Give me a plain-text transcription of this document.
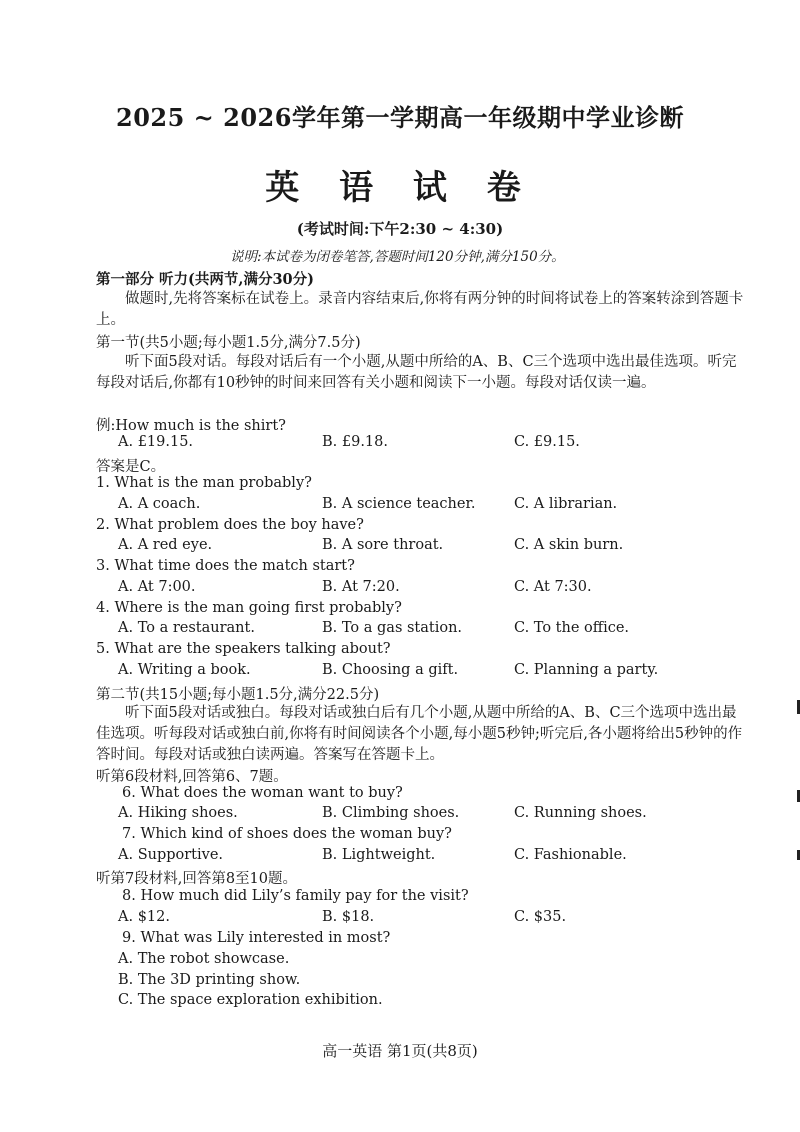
2025 ~ 2026学年第一学期高一年级期中学业诊断
英 语 试 卷
(考试时间:下午2:30 ~ 4:30)
说明:本试卷为闭卷笔答,答题时间120分钟,满分150分。
第一部分 听力(共两节,满分30分)
做题时,先将答案标在试卷上。录音内容结束后,你将有两分钟的时间将试卷上的答案转涂到答题卡上。
第一节(共5小题;每小题1.5分,满分7.5分)
听下面5段对话。每段对话后有一个小题,从题中所给的A、B、C三个选项中选出最佳选项。听完每段对话后,你都有10秒钟的时间来回答有关小题和阅读下一小题。每段对话仅读一遍。
例:How much is the shirt?
A. £19.15.	B. £9.18.	C. £9.15.
答案是C。
1. What is the man probably?
A. A coach.	B. A science teacher.	C. A librarian.
2. What problem does the boy have?
A. A red eye.	B. A sore throat.	C. A skin burn.
3. What time does the match start?
A. At 7:00.	B. At 7:20.	C. At 7:30.
4. Where is the man going first probably?
A. To a restaurant.	B. To a gas station.	C. To the office.
5. What are the speakers talking about?
A. Writing a book.	B. Choosing a gift.	C. Planning a party.
第二节(共15小题;每小题1.5分,满分22.5分)
听下面5段对话或独白。每段对话或独白后有几个小题,从题中所给的A、B、C三个选项中选出最佳选项。听每段对话或独白前,你将有时间阅读各个小题,每小题5秒钟;听完后,各小题将给出5秒钟的作答时间。每段对话或独白读两遍。答案写在答题卡上。
听第6段材料,回答第6、7题。
6. What does the woman want to buy?
A. Hiking shoes.	B. Climbing shoes.	C. Running shoes.
7. Which kind of shoes does the woman buy?
A. Supportive.	B. Lightweight.	C. Fashionable.
听第7段材料,回答第8至10题。
8. How much did Lily’s family pay for the visit?
A. $12.	B. $18.	C. $35.
9. What was Lily interested in most?
A. The robot showcase.
B. The 3D printing show.
C. The space exploration exhibition.
高一英语 第1页(共8页)
